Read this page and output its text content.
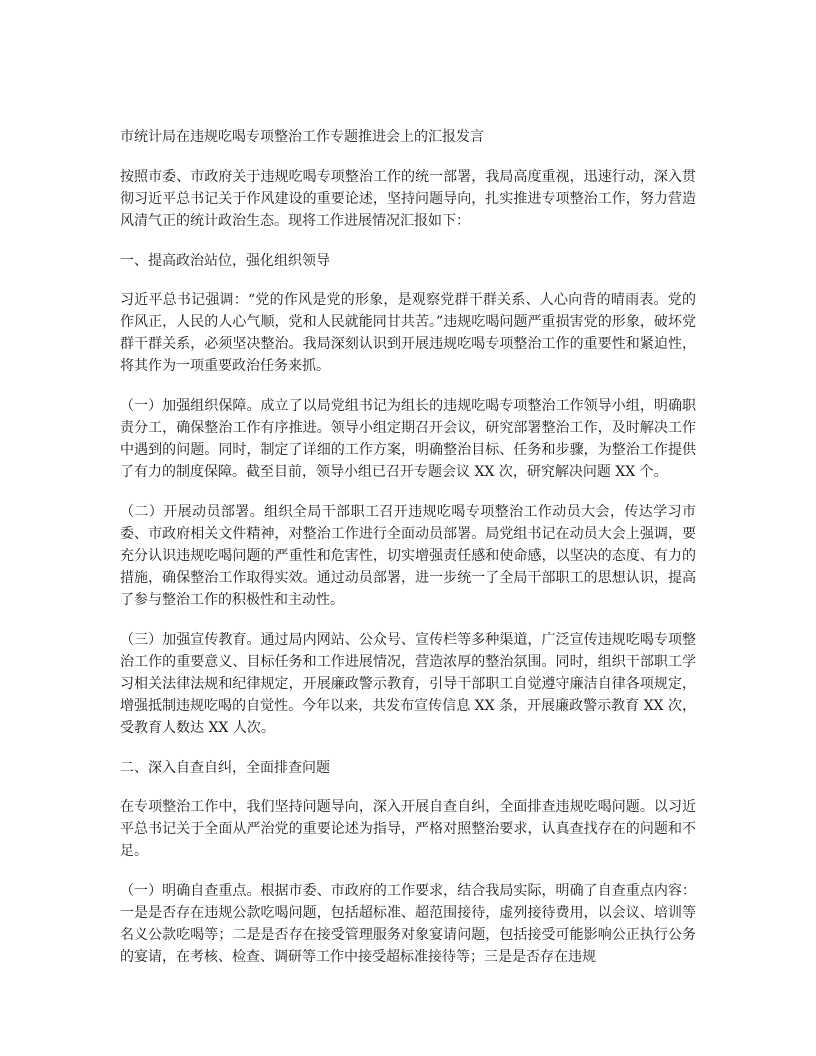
市统计局在违规吃喝专项整治工作专题推进会上的汇报发言

按照市委、市政府关于违规吃喝专项整治工作的统一部署，我局高度重视，迅速行动，深入贯彻习近平总书记关于作风建设的重要论述，坚持问题导向，扎实推进专项整治工作，努力营造风清气正的统计政治生态。现将工作进展情况汇报如下：

一、提高政治站位，强化组织领导

习近平总书记强调：“党的作风是党的形象，是观察党群干群关系、人心向背的晴雨表。党的作风正，人民的人心气顺，党和人民就能同甘共苦。”违规吃喝问题严重损害党的形象，破坏党群干群关系，必须坚决整治。我局深刻认识到开展违规吃喝专项整治工作的重要性和紧迫性，将其作为一项重要政治任务来抓。

（一）加强组织保障。成立了以局党组书记为组长的违规吃喝专项整治工作领导小组，明确职责分工，确保整治工作有序推进。领导小组定期召开会议，研究部署整治工作，及时解决工作中遇到的问题。同时，制定了详细的工作方案，明确整治目标、任务和步骤，为整治工作提供了有力的制度保障。截至目前，领导小组已召开专题会议 XX 次，研究解决问题 XX 个。

（二）开展动员部署。组织全局干部职工召开违规吃喝专项整治工作动员大会，传达学习市委、市政府相关文件精神，对整治工作进行全面动员部署。局党组书记在动员大会上强调，要充分认识违规吃喝问题的严重性和危害性，切实增强责任感和使命感，以坚决的态度、有力的措施，确保整治工作取得实效。通过动员部署，进一步统一了全局干部职工的思想认识，提高了参与整治工作的积极性和主动性。

（三）加强宣传教育。通过局内网站、公众号、宣传栏等多种渠道，广泛宣传违规吃喝专项整治工作的重要意义、目标任务和工作进展情况，营造浓厚的整治氛围。同时，组织干部职工学习相关法律法规和纪律规定，开展廉政警示教育，引导干部职工自觉遵守廉洁自律各项规定，增强抵制违规吃喝的自觉性。今年以来，共发布宣传信息 XX 条，开展廉政警示教育 XX 次，受教育人数达 XX 人次。

二、深入自查自纠，全面排查问题

在专项整治工作中，我们坚持问题导向，深入开展自查自纠，全面排查违规吃喝问题。以习近平总书记关于全面从严治党的重要论述为指导，严格对照整治要求，认真查找存在的问题和不足。

（一）明确自查重点。根据市委、市政府的工作要求，结合我局实际，明确了自查重点内容：一是是否存在违规公款吃喝问题，包括超标准、超范围接待，虚列接待费用，以会议、培训等名义公款吃喝等；二是是否存在接受管理服务对象宴请问题，包括接受可能影响公正执行公务的宴请，在考核、检查、调研等工作中接受超标准接待等；三是是否存在违规
